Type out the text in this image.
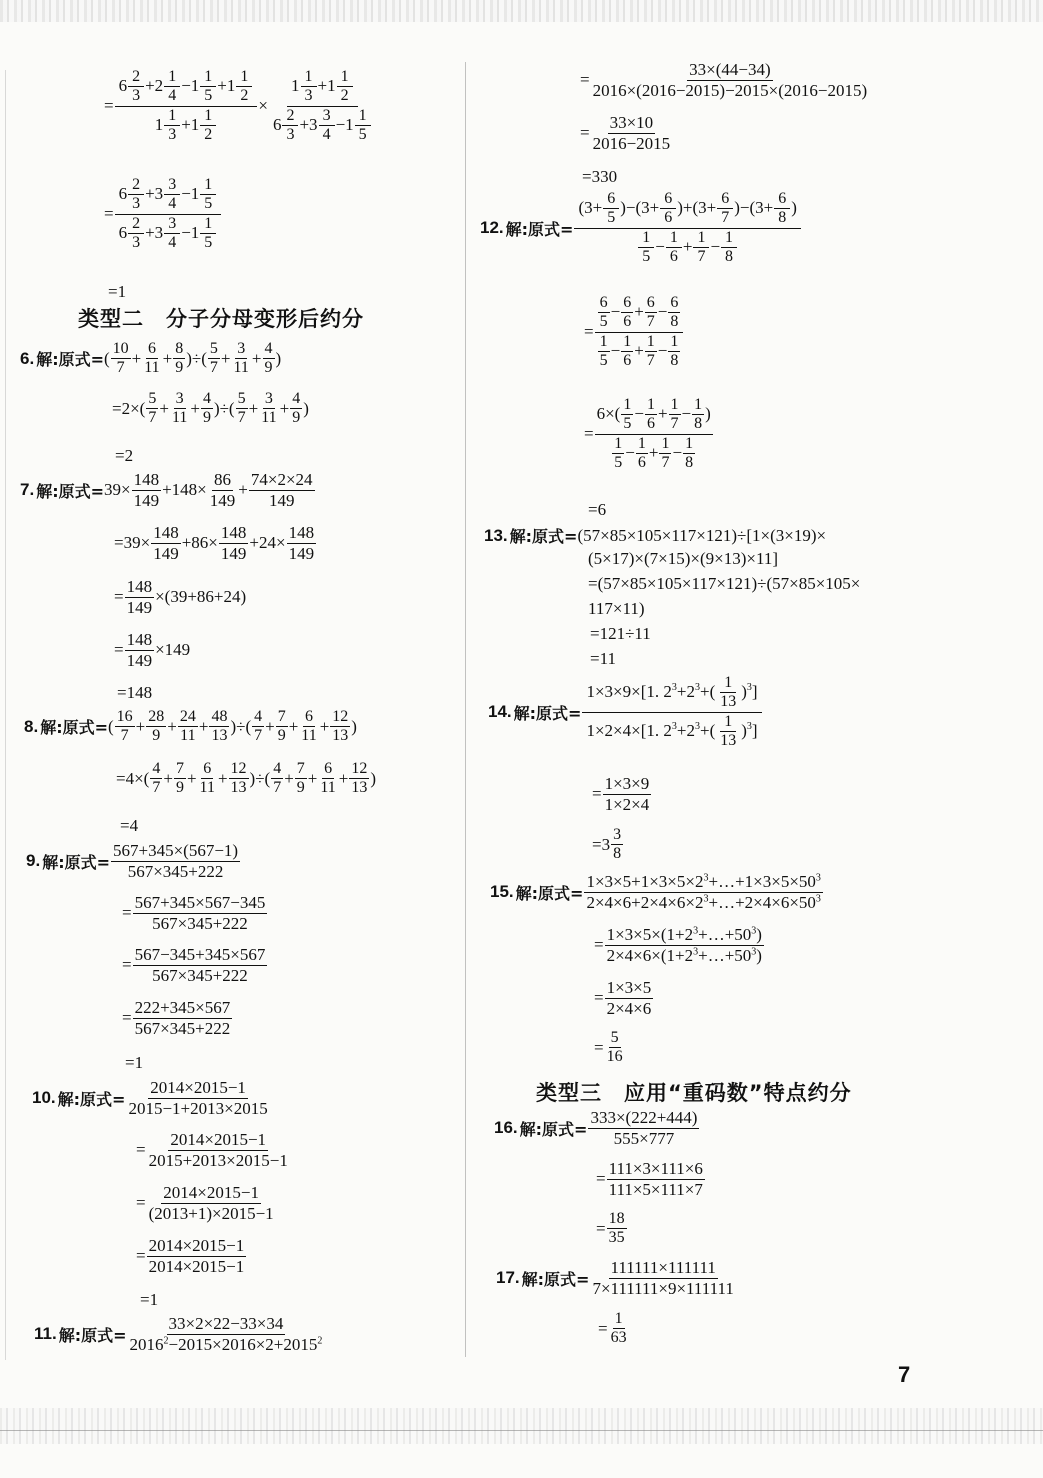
= $\frac{6 \frac{2}{3} +2 \frac{1}{4} -1 \frac{1}{5} +1 \frac{1}{2}}{1 \frac{1}{3} +1 \frac{1}{2}} \times \frac{1 \frac{1}{3} +1 \frac{1}{2}}{6 \frac{2}{3} +3 \frac{3}{4} -1 \frac{1}{5}}$
= $\frac{6 \frac{2}{3} +3 \frac{3}{4} -1 \frac{1}{5}}{6 \frac{2}{3} +3 \frac{3}{4} -1 \frac{1}{5}}$
=1
类型二　分子分母变形后约分
6. 解:原式= ( $\frac{10}{7} + \frac{6}{11} + \frac{8}{9}$ )÷( $\frac{5}{7} + \frac{3}{11} + \frac{4}{9}$ )
$=2\times( \frac{5}{7} + \frac{3}{11} + \frac{4}{9}$ )÷( $\frac{5}{7} + \frac{3}{11} + \frac{4}{9}$ )
=2
7. 解:原式= $39\times \frac{148}{149} +148\times \frac{86}{149} + \frac{74\times 2\times 24}{149}$
$=39\times \frac{148}{149} +86\times \frac{148}{149} +24\times \frac{148}{149}$
= $\frac{148}{149} \times(39+86+24)$
= $\frac{148}{149} \times 149$
=148
8. 解:原式= ( $\frac{16}{7} + \frac{28}{9} + \frac{24}{11} + \frac{48}{13}$ )÷( $\frac{4}{7} + \frac{7}{9} + \frac{6}{11} + \frac{12}{13}$ )
$=4\times( \frac{4}{7} + \frac{7}{9} + \frac{6}{11} + \frac{12}{13}$ )÷( $\frac{4}{7} + \frac{7}{9} + \frac{6}{11} + \frac{12}{13}$ )
=4
9. 解:原式= $\frac{567+345\times(567-1)}{567\times 345+222}$
= $\frac{567+345\times 567-345}{567\times 345+222}$
= $\frac{567-345+345\times 567}{567\times 345+222}$
= $\frac{222+345\times 567}{567\times 345+222}$
=1
10. 解:原式= $\frac{2014\times 2015-1}{2015-1+2013\times 2015}$
= $\frac{2014\times 2015-1}{2015+2013\times 2015-1}$
= $\frac{2014\times 2015-1}{(2013+1)\times 2015-1}$
= $\frac{2014\times 2015-1}{2014\times 2015-1}$
=1
11. 解:原式= $\frac{33\times 2\times 22-33\times 34}{2016^2-2015\times 2016\times 2+2015^2}$
= $\frac{33\times(44-34)}{2016\times(2016-2015)-2015\times(2016-2015)}$
= $\frac{33\times 10}{2016-2015}$
=330
12. 解:原式= $\frac{(3+ \frac{6}{5} )-(3+ \frac{6}{6} )+(3+ \frac{6}{7} )-(3+ \frac{6}{8} )}{\frac{1}{5} - \frac{1}{6} + \frac{1}{7} - \frac{1}{8}}$
= $\frac{\frac{6}{5} - \frac{6}{6} + \frac{6}{7} - \frac{6}{8}}{\frac{1}{5} - \frac{1}{6} + \frac{1}{7} - \frac{1}{8}}$
= $\frac{6\times( \frac{1}{5} - \frac{1}{6} + \frac{1}{7} - \frac{1}{8} )}{\frac{1}{5} - \frac{1}{6} + \frac{1}{7} - \frac{1}{8}}$
=6
13. 解:原式= (57×85×105×117×121)÷[1×(3×19)×
(5×17)×(7×15)×(9×13)×11]
=(57×85×105×117×121)÷(57×85×105×
117×11)
=121÷11
=11
14. 解:原式= $\frac{1\times 3\times 9\times[1. 2^3+2^3+( \frac{1}{13} )^3]}{1\times 2\times 4\times[1. 2^3+2^3+( \frac{1}{13} )^3]}$
= $\frac{1\times 3\times 9}{1\times 2\times 4}$
$=3 \frac{3}{8}$
15. 解:原式= $\frac{1\times 3\times 5+1\times 3\times 5\times 2^3+\dots+1\times 3\times 5\times 50^3}{2\times 4\times 6+2\times 4\times 6\times 2^3+\dots+2\times 4\times 6\times 50^3}$
= $\frac{1\times 3\times 5\times(1+2^3+\dots+50^3)}{2\times 4\times 6\times(1+2^3+\dots+50^3)}$
= $\frac{1\times 3\times 5}{2\times 4\times 6}$
= $\frac{5}{16}$
类型三　应用“重码数”特点约分
16. 解:原式= $\frac{333\times(222+444)}{555\times 777}$
= $\frac{111\times 3\times 111\times 6}{111\times 5\times 111\times 7}$
= $\frac{18}{35}$
17. 解:原式= $\frac{111111\times 111111}{7\times 111111\times 9\times 111111}$
= $\frac{1}{63}$
7
